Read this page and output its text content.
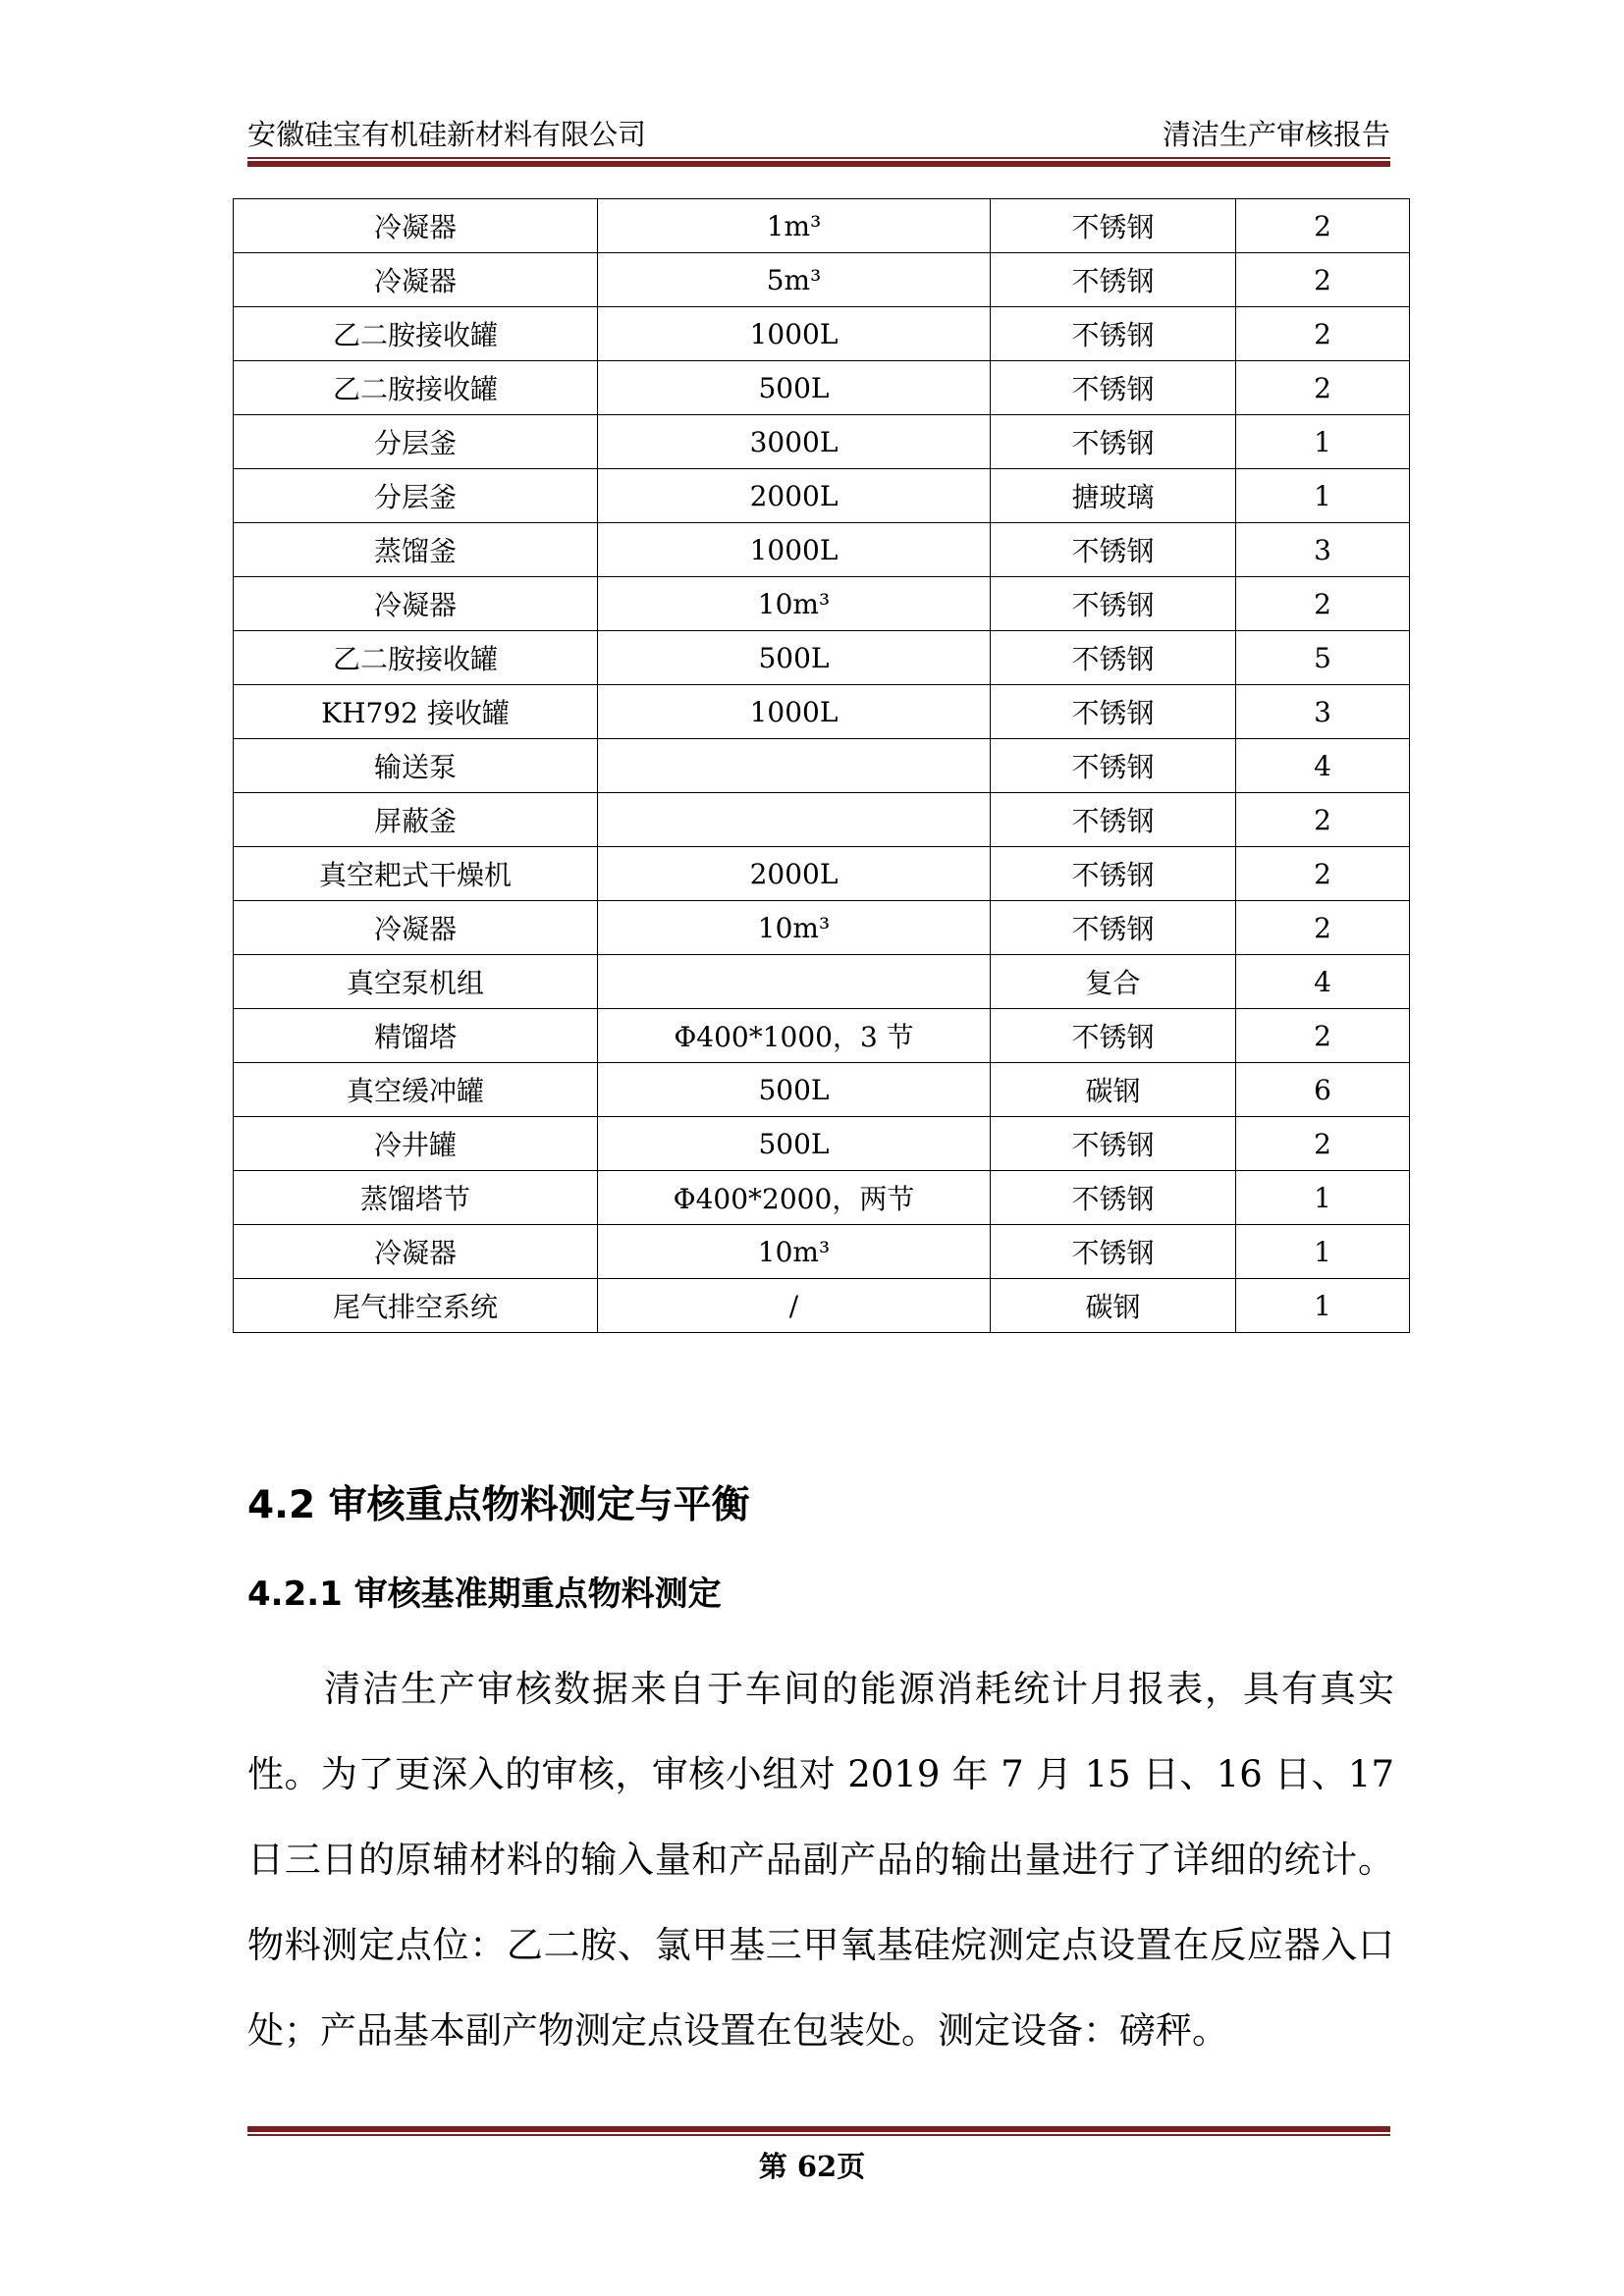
安徽硅宝有机硅新材料有限公司	清洁生产审核报告
冷凝器	1m³	不锈钢	2
冷凝器	5m³	不锈钢	2
乙二胺接收罐	1000L	不锈钢	2
乙二胺接收罐	500L	不锈钢	2
分层釜	3000L	不锈钢	1
分层釜	2000L	搪玻璃	1
蒸馏釜	1000L	不锈钢	3
冷凝器	10m³	不锈钢	2
乙二胺接收罐	500L	不锈钢	5
KH792 接收罐	1000L	不锈钢	3
输送泵		不锈钢	4
屏蔽釜		不锈钢	2
真空耙式干燥机	2000L	不锈钢	2
冷凝器	10m³	不锈钢	2
真空泵机组		复合	4
精馏塔	Φ400*1000，3 节	不锈钢	2
真空缓冲罐	500L	碳钢	6
冷井罐	500L	不锈钢	2
蒸馏塔节	Φ400*2000，两节	不锈钢	1
冷凝器	10m³	不锈钢	1
尾气排空系统	/	碳钢	1
4.2 审核重点物料测定与平衡
4.2.1 审核基准期重点物料测定
清洁生产审核数据来自于车间的能源消耗统计月报表，具有真实性。为了更深入的审核，审核小组对 2019 年 7 月 15 日、16 日、17 日三日的原辅材料的输入量和产品副产品的输出量进行了详细的统计。物料测定点位：乙二胺、氯甲基三甲氧基硅烷测定点设置在反应器入口处；产品基本副产物测定点设置在包装处。测定设备：磅秤。
第 62页
